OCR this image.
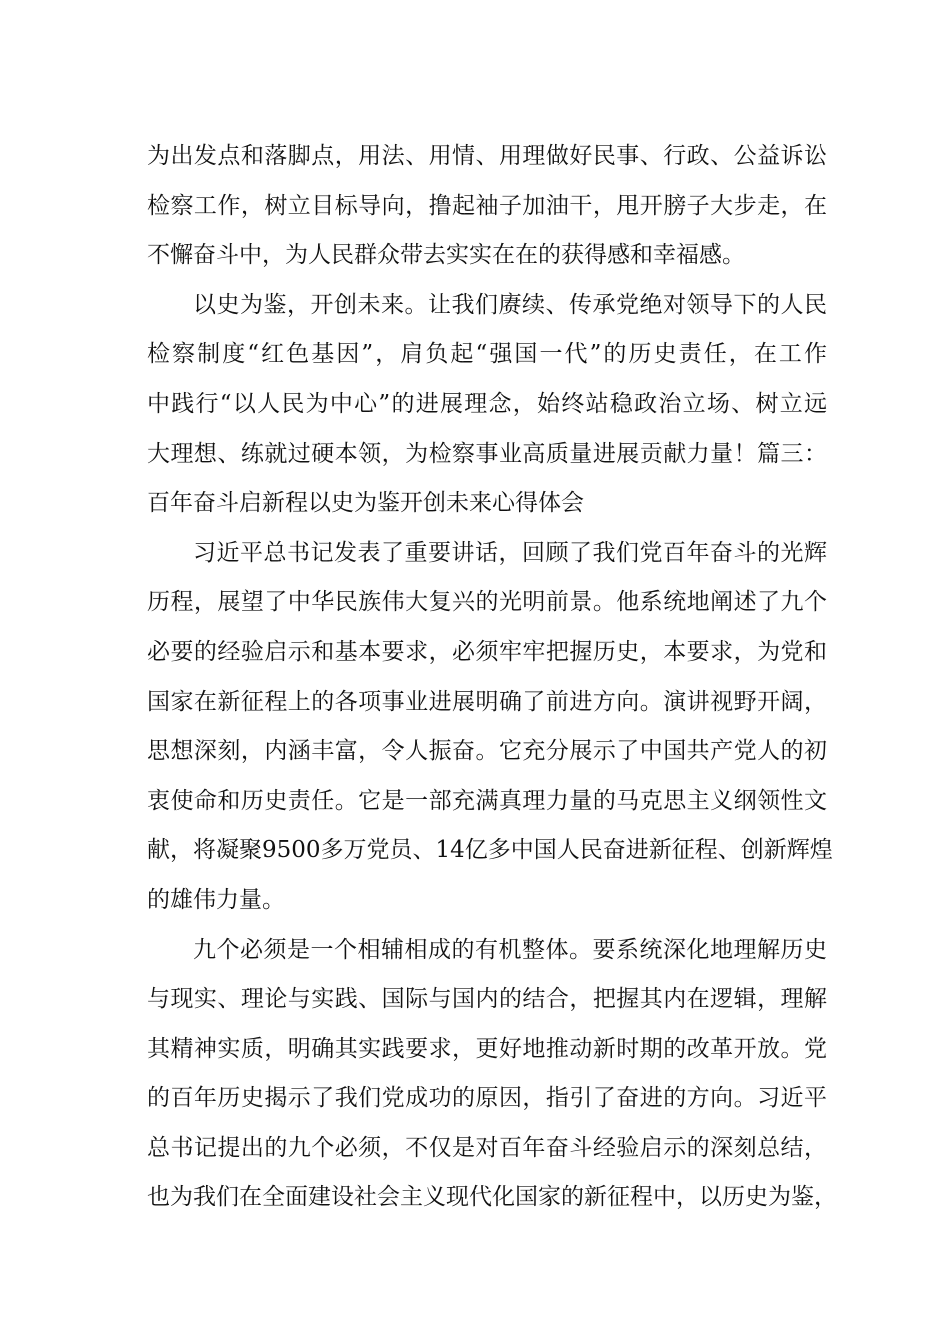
为出发点和落脚点，用法、用情、用理做好民事、行政、公益诉讼
检察工作，树立目标导向，撸起袖子加油干，甩开膀子大步走，在
不懈奋斗中，为人民群众带去实实在在的获得感和幸福感。
以史为鉴，开创未来。让我们赓续、传承党绝对领导下的人民
检察制度“红色基因”，肩负起“强国一代”的历史责任，在工作
中践行“以人民为中心”的进展理念，始终站稳政治立场、树立远
大理想、练就过硬本领，为检察事业高质量进展贡献力量！篇三：
百年奋斗启新程以史为鉴开创未来心得体会
习近平总书记发表了重要讲话，回顾了我们党百年奋斗的光辉
历程，展望了中华民族伟大复兴的光明前景。他系统地阐述了九个
必要的经验启示和基本要求，必须牢牢把握历史，本要求，为党和
国家在新征程上的各项事业进展明确了前进方向。演讲视野开阔，
思想深刻，内涵丰富，令人振奋。它充分展示了中国共产党人的初
衷使命和历史责任。它是一部充满真理力量的马克思主义纲领性文
献，将凝聚9500多万党员、14亿多中国人民奋进新征程、创新辉煌
的雄伟力量。
九个必须是一个相辅相成的有机整体。要系统深化地理解历史
与现实、理论与实践、国际与国内的结合，把握其内在逻辑，理解
其精神实质，明确其实践要求，更好地推动新时期的改革开放。党
的百年历史揭示了我们党成功的原因，指引了奋进的方向。习近平
总书记提出的九个必须，不仅是对百年奋斗经验启示的深刻总结，
也为我们在全面建设社会主义现代化国家的新征程中，以历史为鉴，
